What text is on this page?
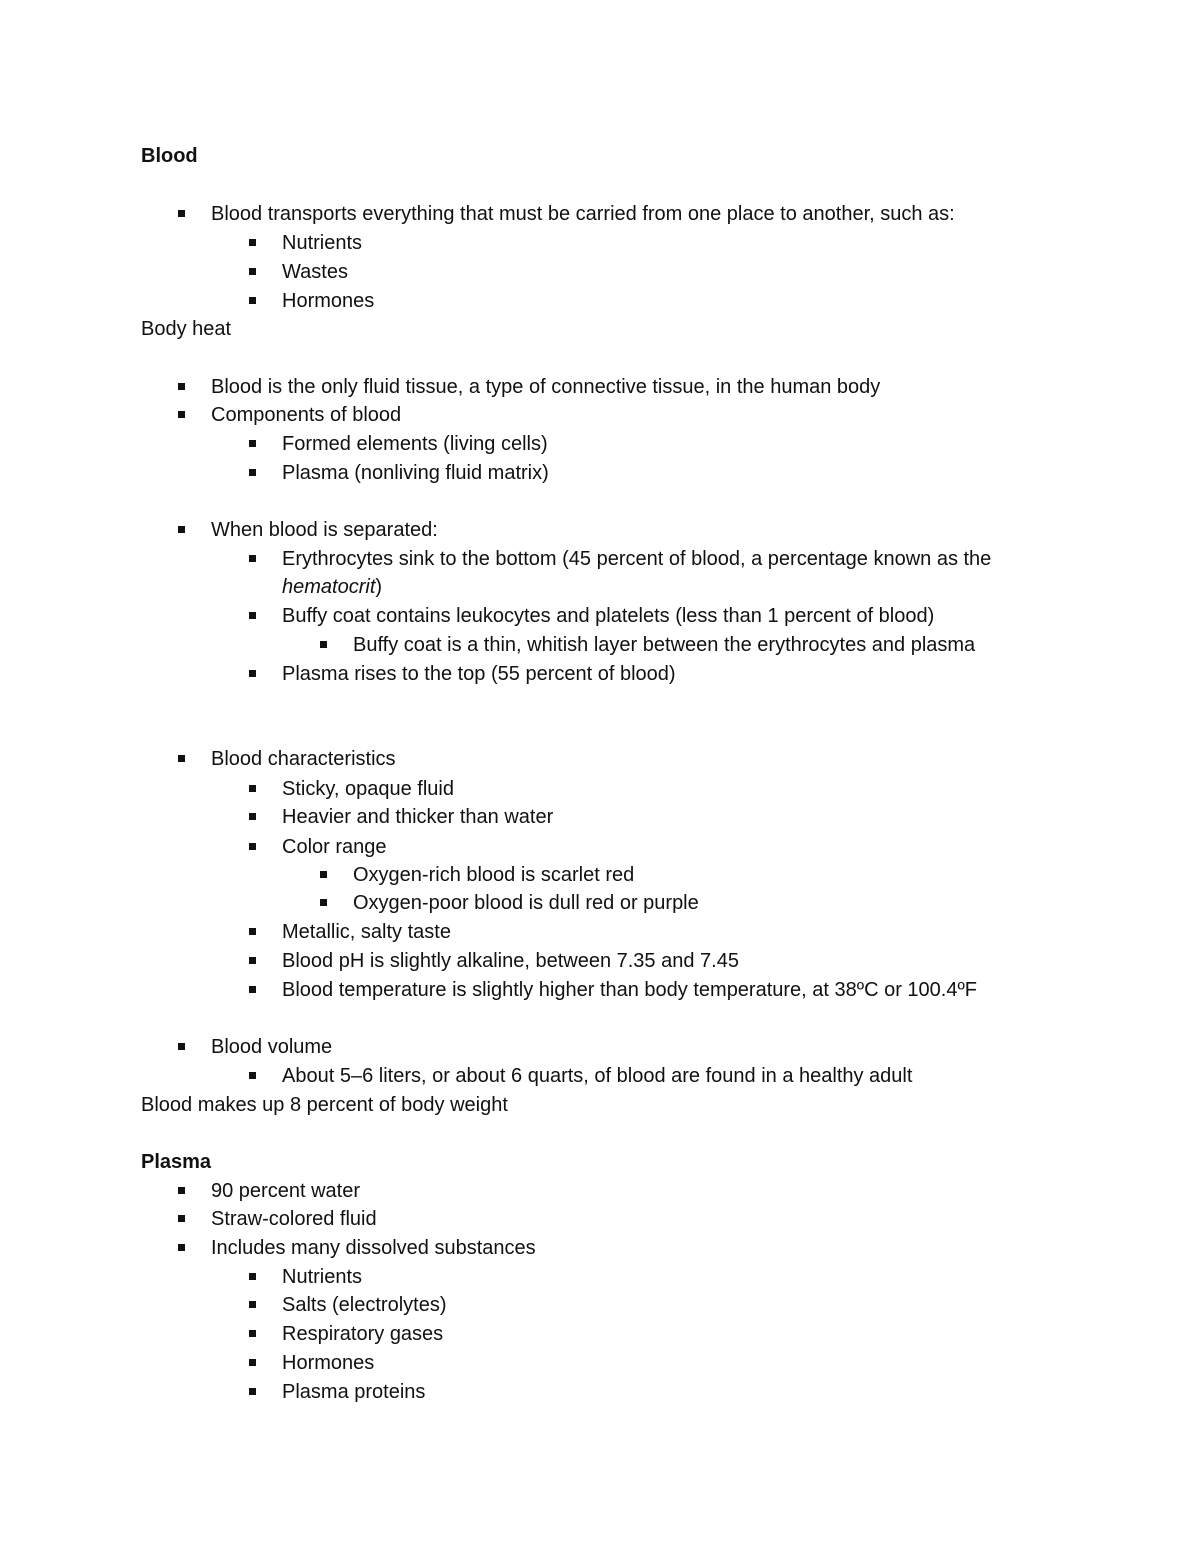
Blood
Blood transports everything that must be carried from one place to another, such as:
Nutrients
Wastes
Hormones
Body heat
Blood is the only fluid tissue, a type of connective tissue, in the human body
Components of blood
Formed elements (living cells)
Plasma (nonliving fluid matrix)
When blood is separated:
Erythrocytes sink to the bottom (45 percent of blood, a percentage known as the
hematocrit)
Buffy coat contains leukocytes and platelets (less than 1 percent of blood)
Buffy coat is a thin, whitish layer between the erythrocytes and plasma
Plasma rises to the top (55 percent of blood)
Blood characteristics
Sticky, opaque fluid
Heavier and thicker than water
Color range
Oxygen-rich blood is scarlet red
Oxygen-poor blood is dull red or purple
Metallic, salty taste
Blood pH is slightly alkaline, between 7.35 and 7.45
Blood temperature is slightly higher than body temperature, at 38ºC or 100.4ºF
Blood volume
About 5–6 liters, or about 6 quarts, of blood are found in a healthy adult
Blood makes up 8 percent of body weight
Plasma
90 percent water
Straw-colored fluid
Includes many dissolved substances
Nutrients
Salts (electrolytes)
Respiratory gases
Hormones
Plasma proteins
